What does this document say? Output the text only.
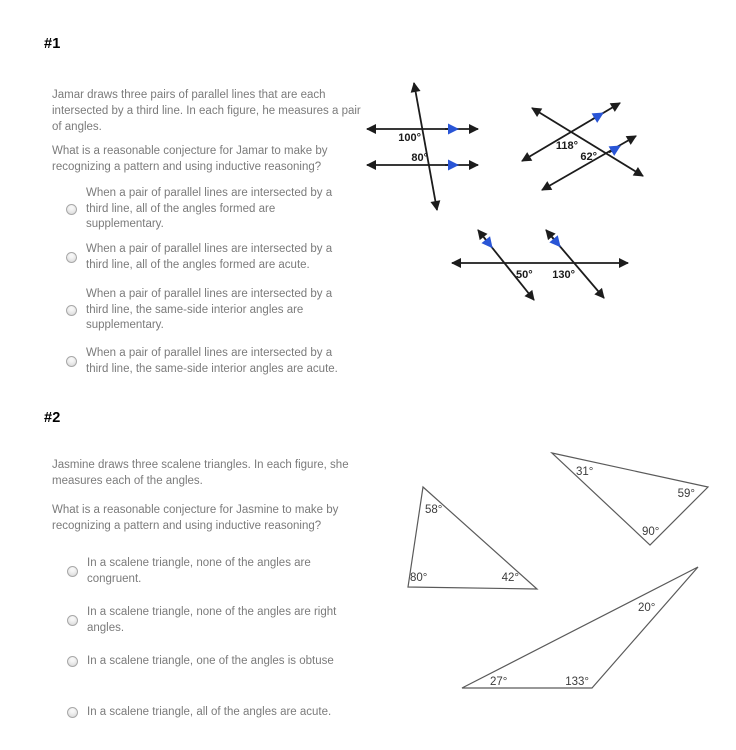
#1
Jamar draws three pairs of parallel lines that are each intersected by a third line. In each figure, he measures a pair of angles.
What is a reasonable conjecture for Jamar to make by recognizing a pattern and using inductive reasoning?
When a pair of parallel lines are intersected by a third line, all of the angles formed are supplementary.
When a pair of parallel lines are intersected by a third line, all of the angles formed are acute.
When a pair of parallel lines are intersected by a third line, the same-side interior angles are supplementary.
When a pair of parallel lines are intersected by a third line, the same-side interior angles are acute.
100°
80°
118°
62°
50° 130°
#2
Jasmine draws three scalene triangles. In each figure, she measures each of the angles.
What is a reasonable conjecture for Jasmine to make by recognizing a pattern and using inductive reasoning?
In a scalene triangle, none of the angles are congruent.
In a scalene triangle, none of the angles are right angles.
In a scalene triangle, one of the angles is obtuse
In a scalene triangle, all of the angles are acute.
58°
80°	42°
31°
59°
90°
20°
27°	133°
